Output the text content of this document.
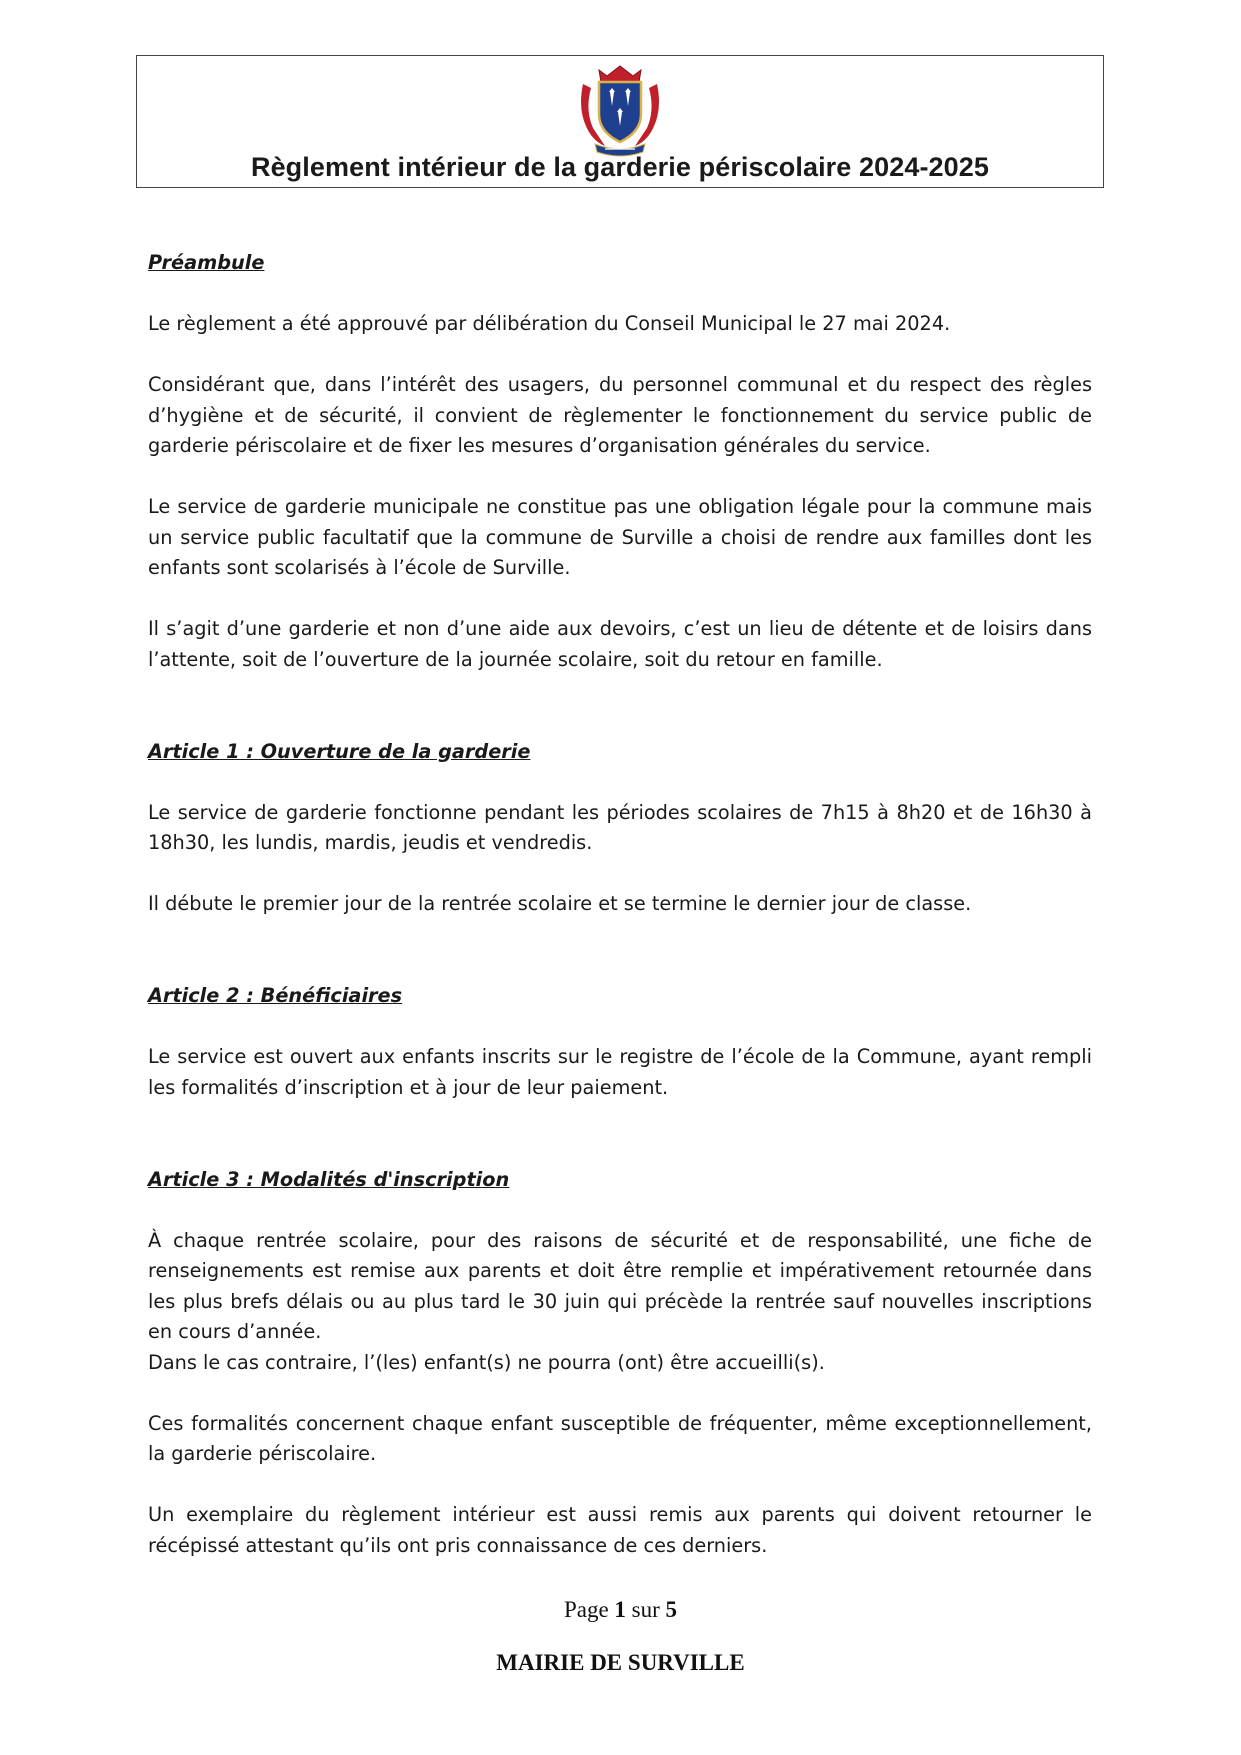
Règlement intérieur de la garderie périscolaire 2024-2025
Préambule

Le règlement a été approuvé par délibération du Conseil Municipal le 27 mai 2024.

Considérant que, dans l’intérêt des usagers, du personnel communal et du respect des règles d’hygiène et de sécurité, il convient de règlementer le fonctionnement du service public de garderie périscolaire et de fixer les mesures d’organisation générales du service.

Le service de garderie municipale ne constitue pas une obligation légale pour la commune mais un service public facultatif que la commune de Surville a choisi de rendre aux familles dont les enfants sont scolarisés à l’école de Surville.

Il s’agit d’une garderie et non d’une aide aux devoirs, c’est un lieu de détente et de loisirs dans l’attente, soit de l’ouverture de la journée scolaire, soit du retour en famille.

Article 1 : Ouverture de la garderie

Le service de garderie fonctionne pendant les périodes scolaires de 7h15 à 8h20 et de 16h30 à 18h30, les lundis, mardis, jeudis et vendredis.

Il débute le premier jour de la rentrée scolaire et se termine le dernier jour de classe.

Article 2 : Bénéficiaires

Le service est ouvert aux enfants inscrits sur le registre de l’école de la Commune, ayant rempli les formalités d’inscription et à jour de leur paiement.

Article 3 : Modalités d'inscription

À chaque rentrée scolaire, pour des raisons de sécurité et de responsabilité, une fiche de renseignements est remise aux parents et doit être remplie et impérativement retournée dans les plus brefs délais ou au plus tard le 30 juin qui précède la rentrée sauf nouvelles inscriptions en cours d’année.

Dans le cas contraire, l’(les) enfant(s) ne pourra (ont) être accueilli(s).

Ces formalités concernent chaque enfant susceptible de fréquenter, même exceptionnellement, la garderie périscolaire.

Un exemplaire du règlement intérieur est aussi remis aux parents qui doivent retourner le récépissé attestant qu’ils ont pris connaissance de ces derniers.

Page 1 sur 5
MAIRIE DE SURVILLE
